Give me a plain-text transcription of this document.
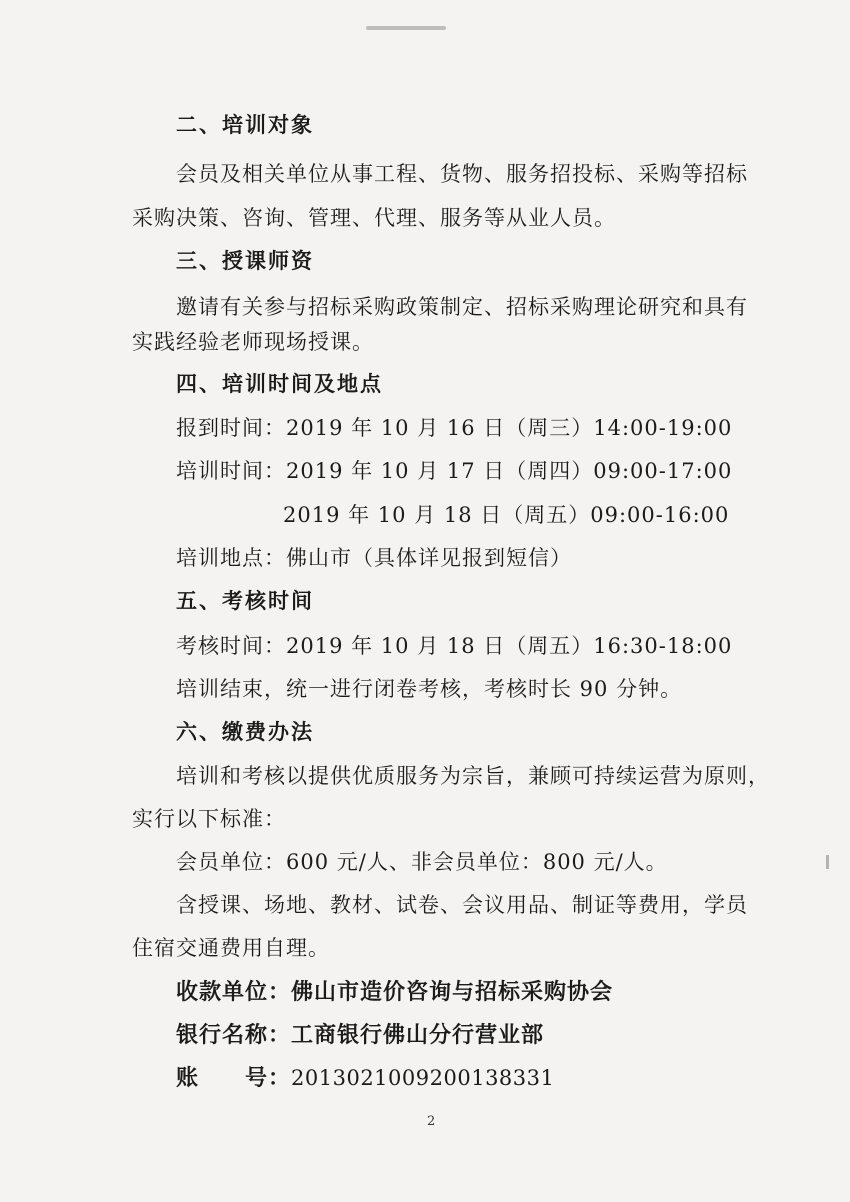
二、培训对象
会员及相关单位从事工程、货物、服务招投标、采购等招标
采购决策、咨询、管理、代理、服务等从业人员。
三、授课师资
邀请有关参与招标采购政策制定、招标采购理论研究和具有
实践经验老师现场授课。
四、培训时间及地点
报到时间：2019 年 10 月 16 日（周三）14:00-19:00
培训时间：2019 年 10 月 17 日（周四）09:00-17:00
2019 年 10 月 18 日（周五）09:00-16:00
培训地点：佛山市（具体详见报到短信）
五、考核时间
考核时间：2019 年 10 月 18 日（周五）16:30-18:00
培训结束，统一进行闭卷考核，考核时长 90 分钟。
六、缴费办法
培训和考核以提供优质服务为宗旨，兼顾可持续运营为原则，
实行以下标准：
会员单位：600 元/人、非会员单位：800 元/人。
含授课、场地、教材、试卷、会议用品、制证等费用，学员
住宿交通费用自理。
收款单位：佛山市造价咨询与招标采购协会
银行名称：工商银行佛山分行营业部
账　　号：2013021009200138331
2
